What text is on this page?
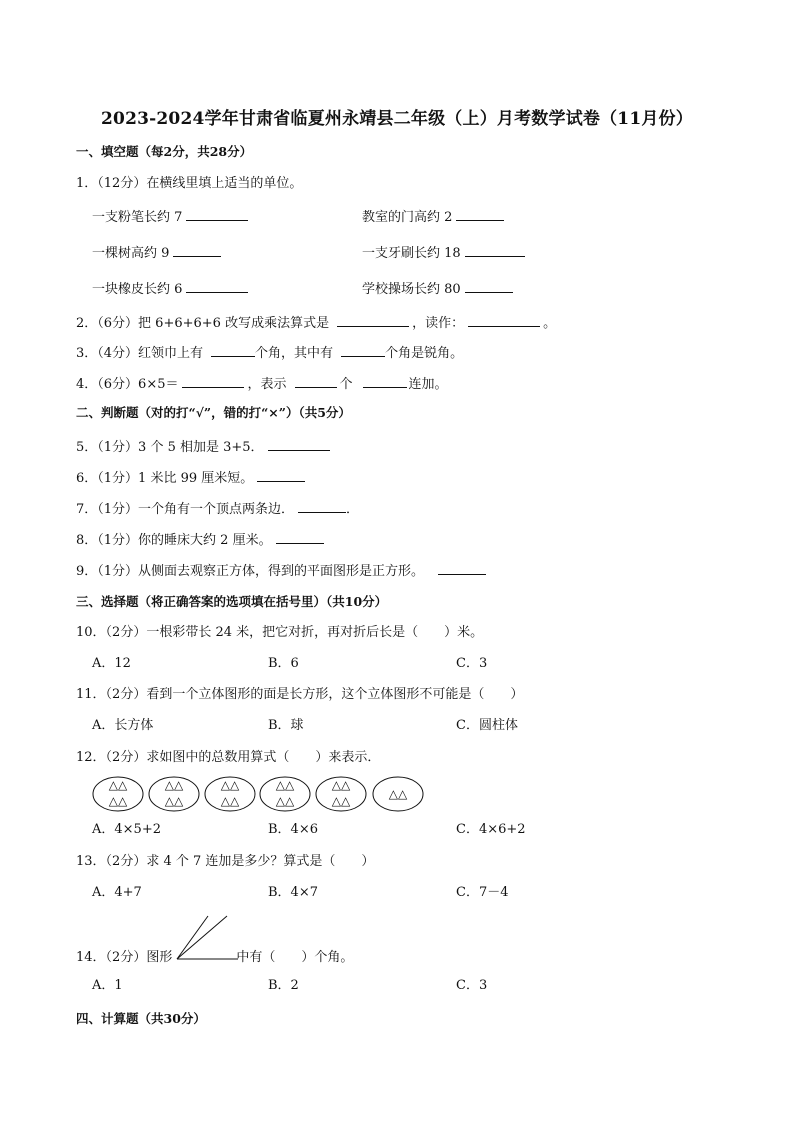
2023-2024学年甘肃省临夏州永靖县二年级（上）月考数学试卷（11月份）
一、填空题（每2分，共28分）
1．（12分）在横线里填上适当的单位。
一支粉笔长约 7	教室的门高约 2
一棵树高约 9	一支牙刷长约 18
一块橡皮长约 6	学校操场长约 80
2．（6分）把 6+6+6+6 改写成乘法算式是	，读作：	。
3．（4分）红领巾上有	个角，其中有	个角是锐角。
4．（6分）6×5＝	，表示	个	连加。
二、判断题（对的打“√”，错的打“×”）（共5分）
5．（1分）3 个 5 相加是 3+5．
6．（1分）1 米比 99 厘米短。
7．（1分）一个角有一个顶点两条边．	．
8．（1分）你的睡床大约 2 厘米。
9．（1分）从侧面去观察正方体，得到的平面图形是正方形。
三、选择题（将正确答案的选项填在括号里）（共10分）
10．（2分）一根彩带长 24 米，把它对折，再对折后长是（　　）米。
A．12	B．6	C．3
11．（2分）看到一个立体图形的面是长方形，这个立体图形不可能是（　　）
A．长方体	B．球	C．圆柱体
12．（2分）求如图中的总数用算式（　　）来表示．
△△
△△
△△
△△
△△
△△
△△
△△
△△
△△	△△
A．4×5+2	B．4×6	C．4×6+2
13．（2分）求 4 个 7 连加是多少？算式是（　　）
A．4+7	B．4×7	C．7－4
14．（2分）图形	中有（　　）个角。
A．1	B．2	C．3
四、计算题（共30分）
